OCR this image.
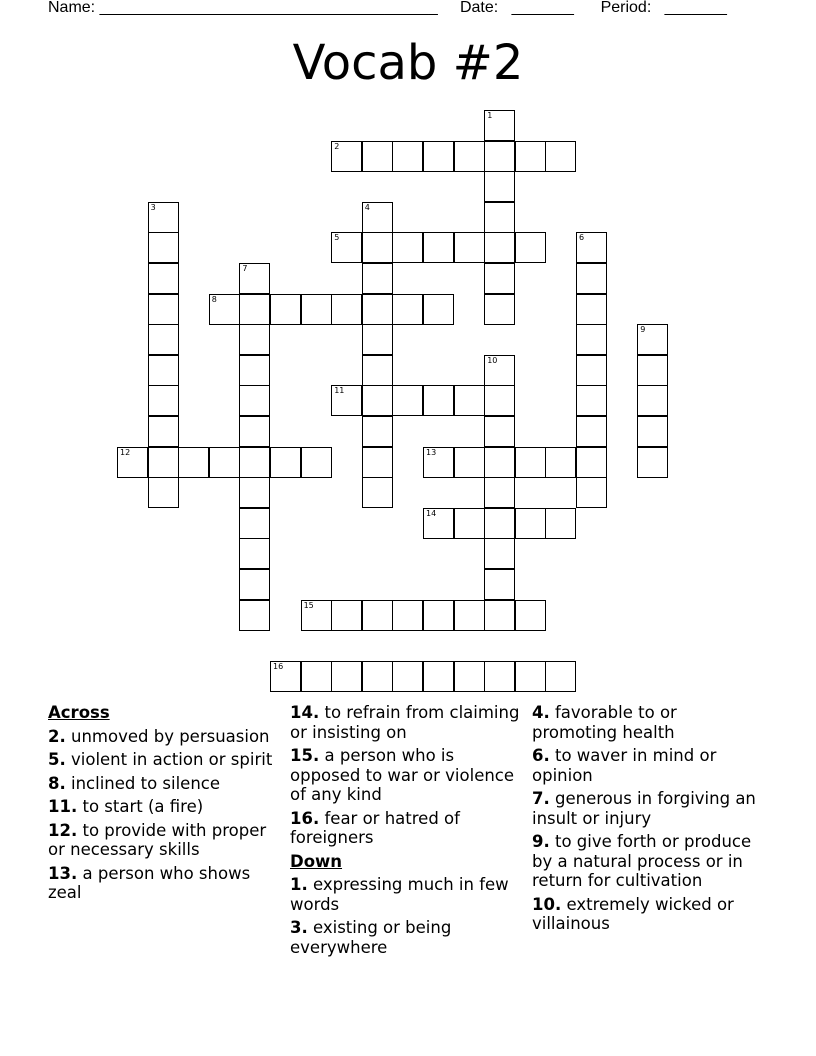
Name: ______________________________________ Date: _______ Period: _______
Vocab #2
1
2
3	4
5	6
7
8
9
10
11
12	13
14
15
16
Across
2. unmoved by persuasion
5. violent in action or spirit
8. inclined to silence
11. to start (a fire)
12. to provide with proper or necessary skills
13. a person who shows zeal
14. to refrain from claiming or insisting on
15. a person who is opposed to war or violence of any kind
16. fear or hatred of foreigners
Down
1. expressing much in few words
3. existing or being everywhere
4. favorable to or promoting health
6. to waver in mind or opinion
7. generous in forgiving an insult or injury
9. to give forth or produce by a natural process or in return for cultivation
10. extremely wicked or villainous
